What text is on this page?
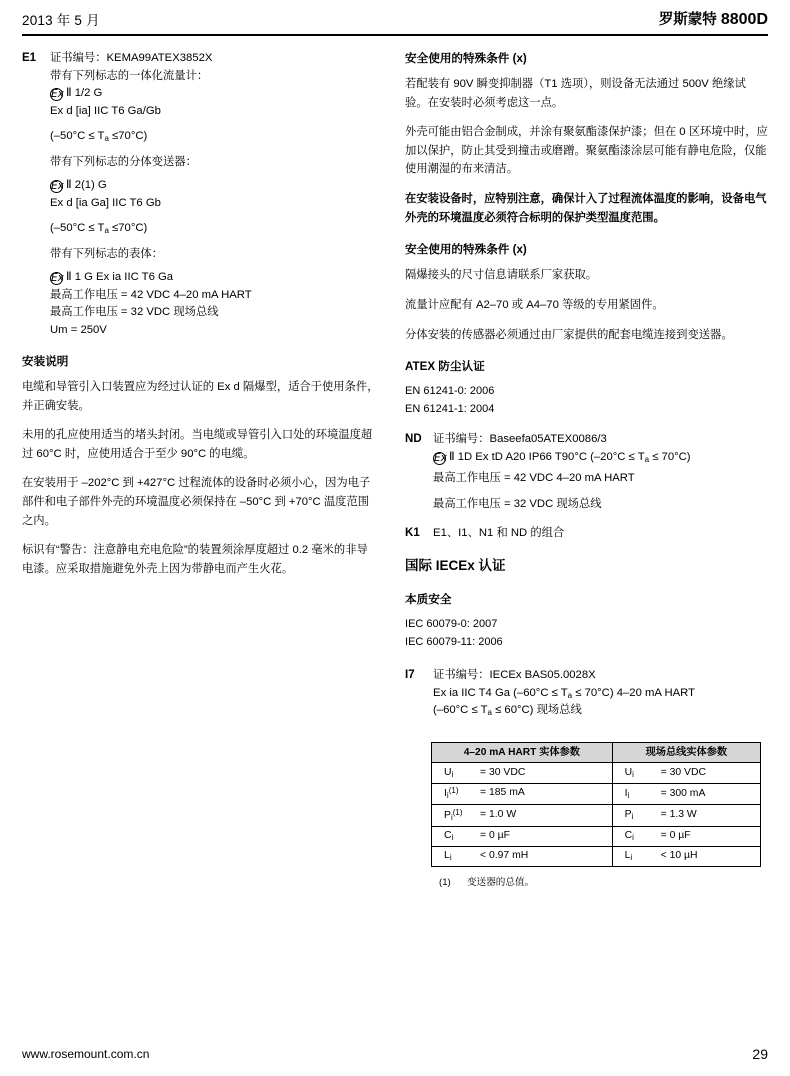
2013 年 5 月	罗斯蒙特 8800D
E1	证书编号：KEMA99ATEX3852X

带有下列标志的一体化流量计：

Ex Ⅱ 1/2 G

Ex d [ia] IIC T6 Ga/Gb

$(-50^\circ C \le T_a \le 70^\circ C)$

带有下列标志的分体变送器：

Ex Ⅱ 2(1) G

Ex d [ia Ga] IIC T6 Gb

$(-50^\circ C \le T_a \le 70^\circ C)$

带有下列标志的表体：

Ex Ⅱ 1 G Ex ia IIC T6 Ga

最高工作电压 = 42 VDC 4–20 mA HART

最高工作电压 = 32 VDC 现场总线

Um = 250V

安装说明

电缆和导管引入口装置应为经过认证的 Ex d 隔爆型，适合于使用条件，并正确安装。

未用的孔应使用适当的堵头封闭。当电缆或导管引入口处的环境温度超过 60°C 时，应使用适合于至少 90°C 的电缆。

在安装用于 –202°C 到 +427°C 过程流体的设备时必须小心，因为电子部件和电子部件外壳的环境温度必须保持在 –50°C 到 +70°C 温度范围之内。

标识有“警告：注意静电充电危险”的装置须涂厚度超过 0.2 毫米的非导电漆。应采取措施避免外壳上因为带静电而产生火花。

安全使用的特殊条件 (x)

若配装有 90V 瞬变抑制器（T1 选项），则设备无法通过 500V 绝缘试验。在安装时必须考虑这一点。

外壳可能由铝合金制成，并涂有聚氨酯漆保护漆；但在 0 区环境中时，应加以保护，防止其受到撞击或磨蹭。聚氨酯漆涂层可能有静电危险，仅能使用潮湿的布来清洁。

在安装设备时，应特别注意，确保计入了过程流体温度的影响，设备电气外壳的环境温度必须符合标明的保护类型温度范围。

安全使用的特殊条件 (x)

隔爆接头的尺寸信息请联系厂家获取。

流量计应配有 A2–70 或 A4–70 等级的专用紧固件。

分体安装的传感器必须通过由厂家提供的配套电缆连接到变送器。

ATEX 防尘认证

EN 61241-0: 2006

EN 61241-1: 2004

ND	证书编号：Baseefa05ATEX0086/3

Ex Ⅱ 1D Ex tD A20 IP66 T90°C $(-20^\circ C \le T_a \le 70^\circ C)$

最高工作电压 = 42 VDC 4–20 mA HART

最高工作电压 = 32 VDC 现场总线

K1	E1、I1、N1 和 ND 的组合
国际 IECEx 认证
本质安全

IEC 60079-0: 2007

IEC 60079-11: 2006

I7	证书编号：IECEx BAS05.0028X

Ex ia IIC T4 Ga $(-60^\circ C \le T_a \le 70^\circ C)$ 4–20 mA HART

$(-60^\circ C \le T_a \le 60^\circ C)$ 现场总线

4–20 mA HART 实体参数	现场总线实体参数

$U_i = 30$ VDC	$U_i = 30$ VDC

$I_i^{(1)} = 185$ mA	$I_i = 300$ mA

$P_i^{(1)} = 1.0$ W	$P_i = 1.3$ W

$C_i = 0$ µF	$C_i = 0$ µF

$L_i < 0.97$ mH	$L_i < 10$ µH
(1) 变送器的总值。
www.rosemount.com.cn	29
